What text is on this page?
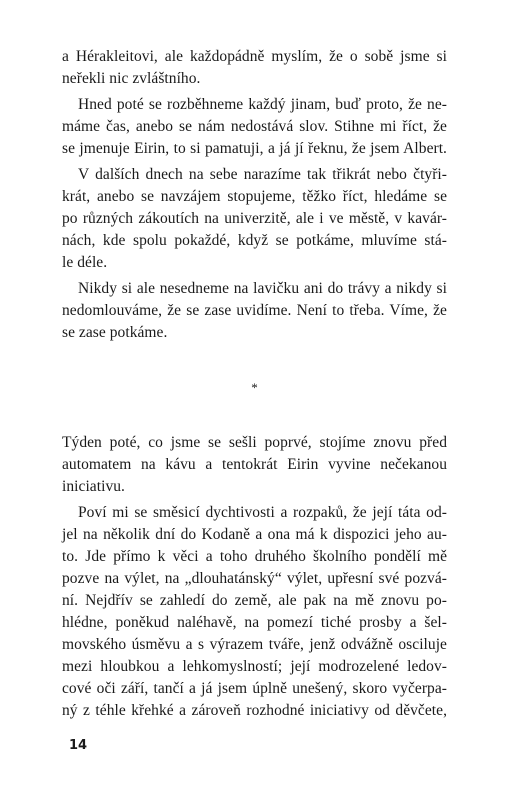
a Hérakleitovi, ale každopádně myslím, že o sobě jsme si
neřekli nic zvláštního.
Hned poté se rozběhneme každý jinam, buď proto, že ne-
máme čas, anebo se nám nedostává slov. Stihne mi říct, že
se jmenuje Eirin, to si pamatuji, a já jí řeknu, že jsem Albert.
V dalších dnech na sebe narazíme tak třikrát nebo čtyři-
krát, anebo se navzájem stopujeme, těžko říct, hledáme se
po různých zákoutích na univerzitě, ale i ve městě, v kavár-
nách, kde spolu pokaždé, když se potkáme, mluvíme stá-
le déle.
Nikdy si ale nesedneme na lavičku ani do trávy a nikdy si
nedomlouváme, že se zase uvidíme. Není to třeba. Víme, že
se zase potkáme.
*
Týden poté, co jsme se sešli poprvé, stojíme znovu před
automatem na kávu a tentokrát Eirin vyvine nečekanou
iniciativu.
Poví mi se směsicí dychtivosti a rozpaků, že její táta od-
jel na několik dní do Kodaně a ona má k dispozici jeho au-
to. Jde přímo k věci a toho druhého školního pondělí mě
pozve na výlet, na „dlouhatánský“ výlet, upřesní své pozvá-
ní. Nejdřív se zahledí do země, ale pak na mě znovu po-
hlédne, poněkud naléhavě, na pomezí tiché prosby a šel-
movského úsměvu a s výrazem tváře, jenž odvážně osciluje
mezi hloubkou a lehkomyslností; její modrozelené ledov-
cové oči září, tančí a já jsem úplně unešený, skoro vyčerpa-
ný z téhle křehké a zároveň rozhodné iniciativy od děvčete,
14
